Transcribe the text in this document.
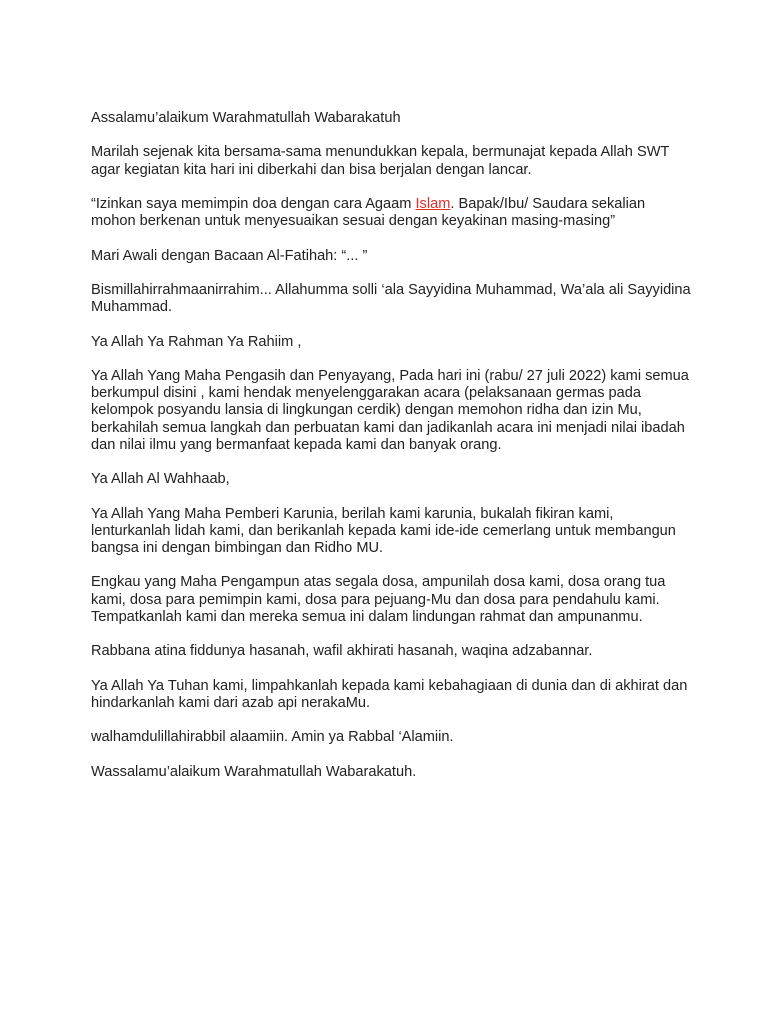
Assalamu’alaikum Warahmatullah Wabarakatuh

Marilah sejenak kita bersama-sama menundukkan kepala, bermunajat kepada Allah SWT agar kegiatan kita hari ini diberkahi dan bisa berjalan dengan lancar.

“Izinkan saya memimpin doa dengan cara Agaam Islam. Bapak/Ibu/ Saudara sekalian mohon berkenan untuk menyesuaikan sesuai dengan keyakinan masing-masing”

Mari Awali dengan Bacaan Al-Fatihah: “... ”

Bismillahirrahmaanirrahim... Allahumma solli ‘ala Sayyidina Muhammad, Wa’ala ali Sayyidina Muhammad.

Ya Allah Ya Rahman Ya Rahiim ,

Ya Allah Yang Maha Pengasih dan Penyayang, Pada hari ini (rabu/ 27 juli 2022) kami semua berkumpul disini , kami hendak menyelenggarakan acara (pelaksanaan germas pada kelompok posyandu lansia di lingkungan cerdik) dengan memohon ridha dan izin Mu, berkahilah semua langkah dan perbuatan kami dan jadikanlah acara ini menjadi nilai ibadah dan nilai ilmu yang bermanfaat kepada kami dan banyak orang.

Ya Allah Al Wahhaab,

Ya Allah Yang Maha Pemberi Karunia, berilah kami karunia, bukalah fikiran kami, lenturkanlah lidah kami, dan berikanlah kepada kami ide-ide cemerlang untuk membangun bangsa ini dengan bimbingan dan Ridho MU.

Engkau yang Maha Pengampun atas segala dosa, ampunilah dosa kami, dosa orang tua kami, dosa para pemimpin kami, dosa para pejuang-Mu dan dosa para pendahulu kami. Tempatkanlah kami dan mereka semua ini dalam lindungan rahmat dan ampunanmu.

Rabbana atina fiddunya hasanah, wafil akhirati hasanah, waqina adzabannar.

Ya Allah Ya Tuhan kami, limpahkanlah kepada kami kebahagiaan di dunia dan di akhirat dan hindarkanlah kami dari azab api nerakaMu.

walhamdulillahirabbil alaamiin. Amin ya Rabbal ‘Alamiin.

Wassalamu’alaikum Warahmatullah Wabarakatuh.
